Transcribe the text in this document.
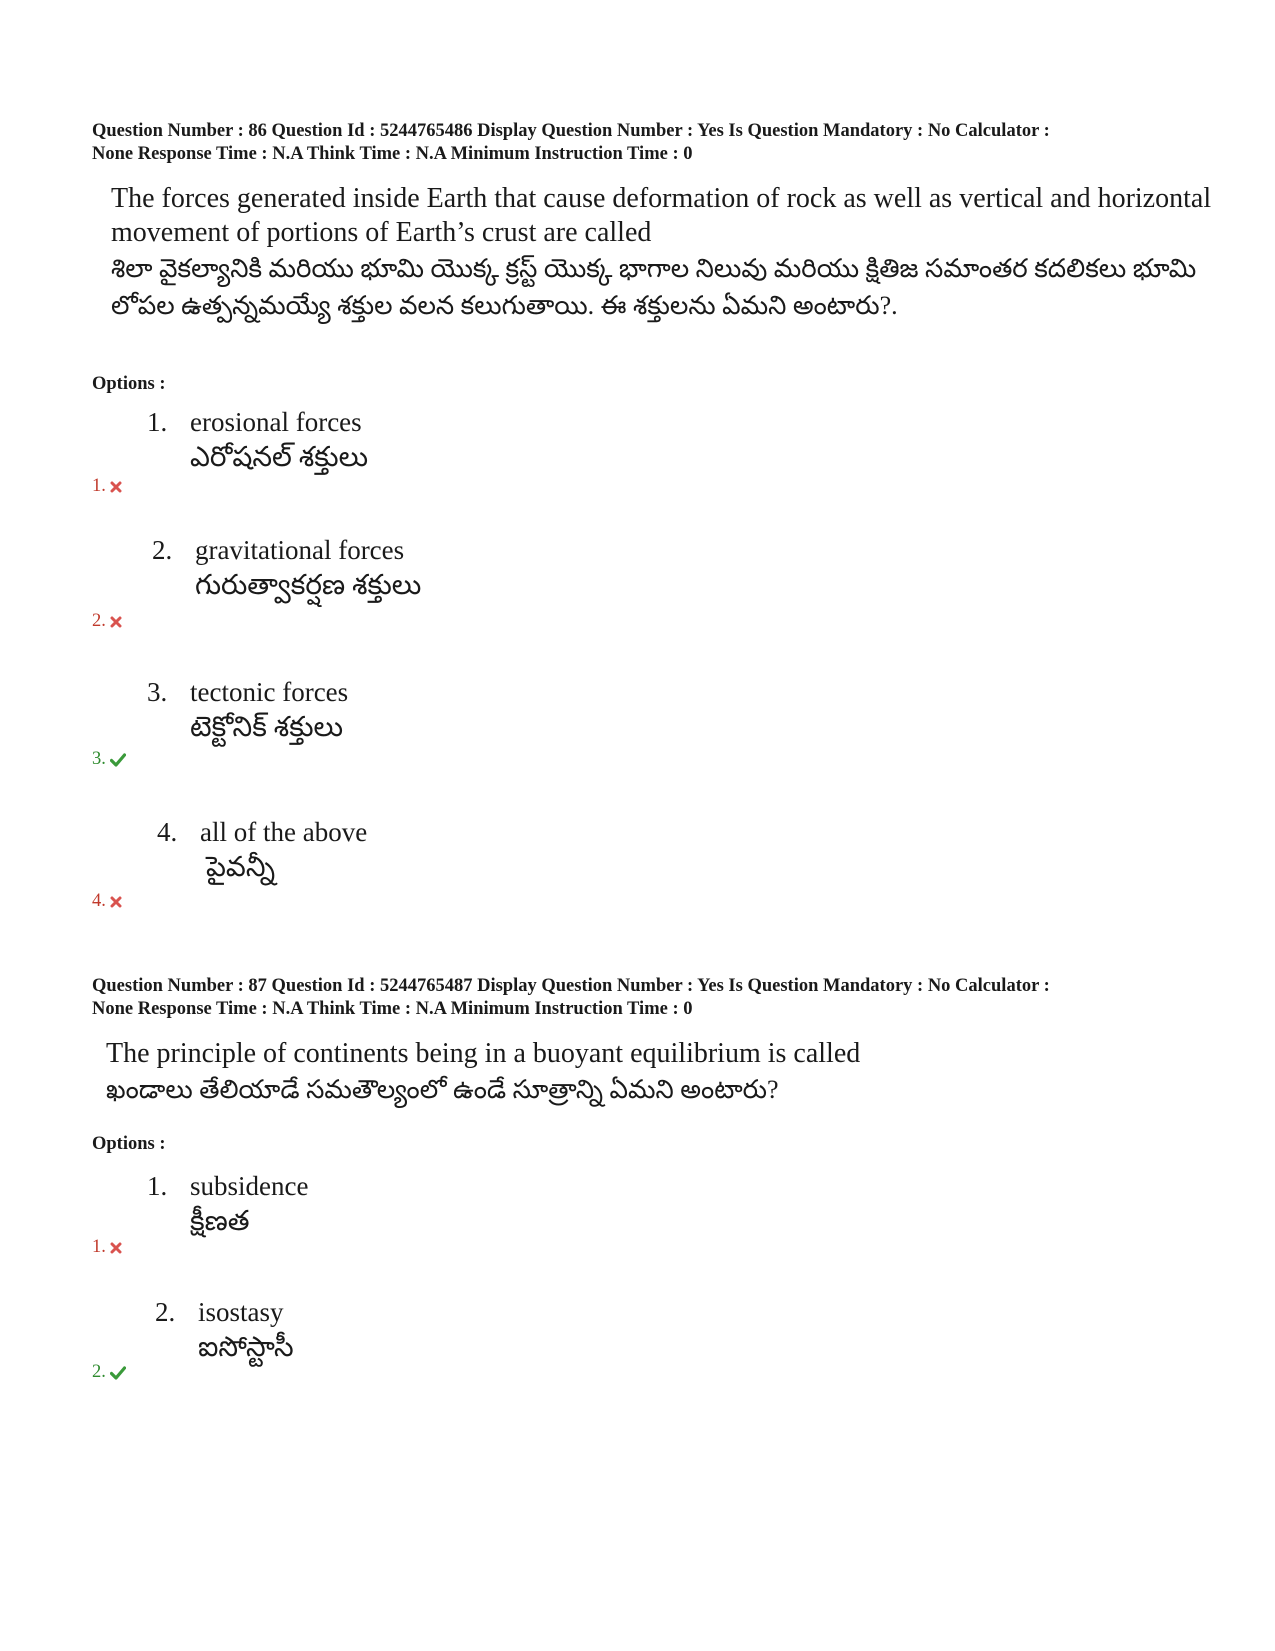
Question Number : 86 Question Id : 5244765486 Display Question Number : Yes Is Question Mandatory : No Calculator :
None Response Time : N.A Think Time : N.A Minimum Instruction Time : 0
The forces generated inside Earth that cause deformation of rock as well as vertical and horizontal movement of portions of Earth’s crust are called
శిలా వైకల్యానికి మరియు భూమి యొక్క క్రస్ట్ యొక్క భాగాల నిలువు మరియు క్షితిజ సమాంతర కదలికలు భూమి లోపల ఉత్పన్నమయ్యే శక్తుల వలన కలుగుతాయి. ఈ శక్తులను ఏమని అంటారు?.
Options :
1. erosional forces
ఎరోషనల్ శక్తులు
1.
2. gravitational forces
గురుత్వాకర్షణ శక్తులు
2.
3. tectonic forces
టెక్టోనిక్ శక్తులు
3.
4. all of the above
పైవన్నీ
4.
Question Number : 87 Question Id : 5244765487 Display Question Number : Yes Is Question Mandatory : No Calculator :
None Response Time : N.A Think Time : N.A Minimum Instruction Time : 0
The principle of continents being in a buoyant equilibrium is called
ఖండాలు తేలియాడే సమతౌల్యంలో ఉండే సూత్రాన్ని ఏమని అంటారు?
Options :
1. subsidence
క్షీణత
1.
2. isostasy
ఐసోస్టాసీ
2.
